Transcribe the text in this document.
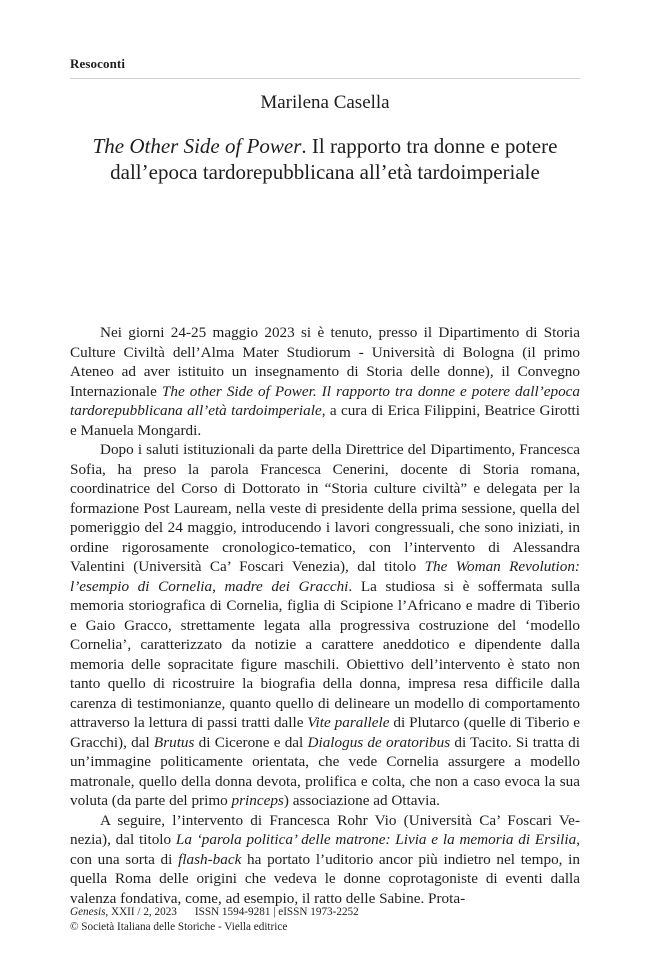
Resoconti
Marilena Casella
The Other Side of Power. Il rapporto tra donne e potere dall’epoca tardorepubblicana all’età tardoimperiale

Nei giorni 24-25 maggio 2023 si è tenuto, presso il Dipartimento di Storia Culture Civiltà dell’Alma Mater Studiorum - Università di Bologna (il primo Ateneo ad aver istituito un insegnamento di Storia delle donne), il Convegno Internazionale The other Side of Power. Il rapporto tra donne e potere dall’epoca tardorepubblicana all’età tardoimperiale, a cura di Erica Filippini, Beatrice Girotti e Manuela Mongardi.

Dopo i saluti istituzionali da parte della Direttrice del Dipartimento, Francesca Sofia, ha preso la parola Francesca Cenerini, docente di Storia romana, coordinatrice del Corso di Dottorato in “Storia culture civiltà” e delegata per la formazione Post Lauream, nella veste di presidente della prima sessione, quella del pomeriggio del 24 maggio, introducendo i lavori congressuali, che sono iniziati, in ordine rigorosamente cronologico-tematico, con l’intervento di Alessandra Valentini (Università Ca’ Foscari Venezia), dal titolo The Woman Revolution: l’esempio di Cornelia, madre dei Gracchi. La studiosa si è soffermata sulla memoria storiografica di Cornelia, figlia di Scipione l’Africano e madre di Tiberio e Gaio Gracco, strettamente legata alla progressiva costruzione del ‘modello Cornelia’, caratterizzato da notizie a carattere aneddotico e dipendente dalla memoria delle sopracitate figure maschili. Obiettivo dell’intervento è stato non tanto quello di ricostruire la biografia della donna, impresa resa difficile dalla carenza di testimonianze, quanto quello di delineare un modello di comportamento attraverso la lettura di passi tratti dalle Vite parallele di Plutarco (quelle di Tiberio e Gracchi), dal Brutus di Cicerone e dal Dialogus de oratoribus di Tacito. Si tratta di un’immagine politicamente orientata, che vede Cornelia assurgere a modello matronale, quello della donna devota, prolifica e colta, che non a caso evoca la sua voluta (da parte del primo princeps) associazione ad Ottavia.

A seguire, l’intervento di Francesca Rohr Vio (Università Ca’ Foscari Venezia), dal titolo La ‘parola politica’ delle matrone: Livia e la memoria di Ersilia, con una sorta di flash-back ha portato l’uditorio ancor più indietro nel tempo, in quella Roma delle origini che vedeva le donne coprotagoniste di eventi dalla valenza fondativa, come, ad esempio, il ratto delle Sabine. Prota-

Genesis, XXII / 2, 2023 ISSN 1594-9281 | eISSN 1973-2252
© Società Italiana delle Storiche - Viella editrice
